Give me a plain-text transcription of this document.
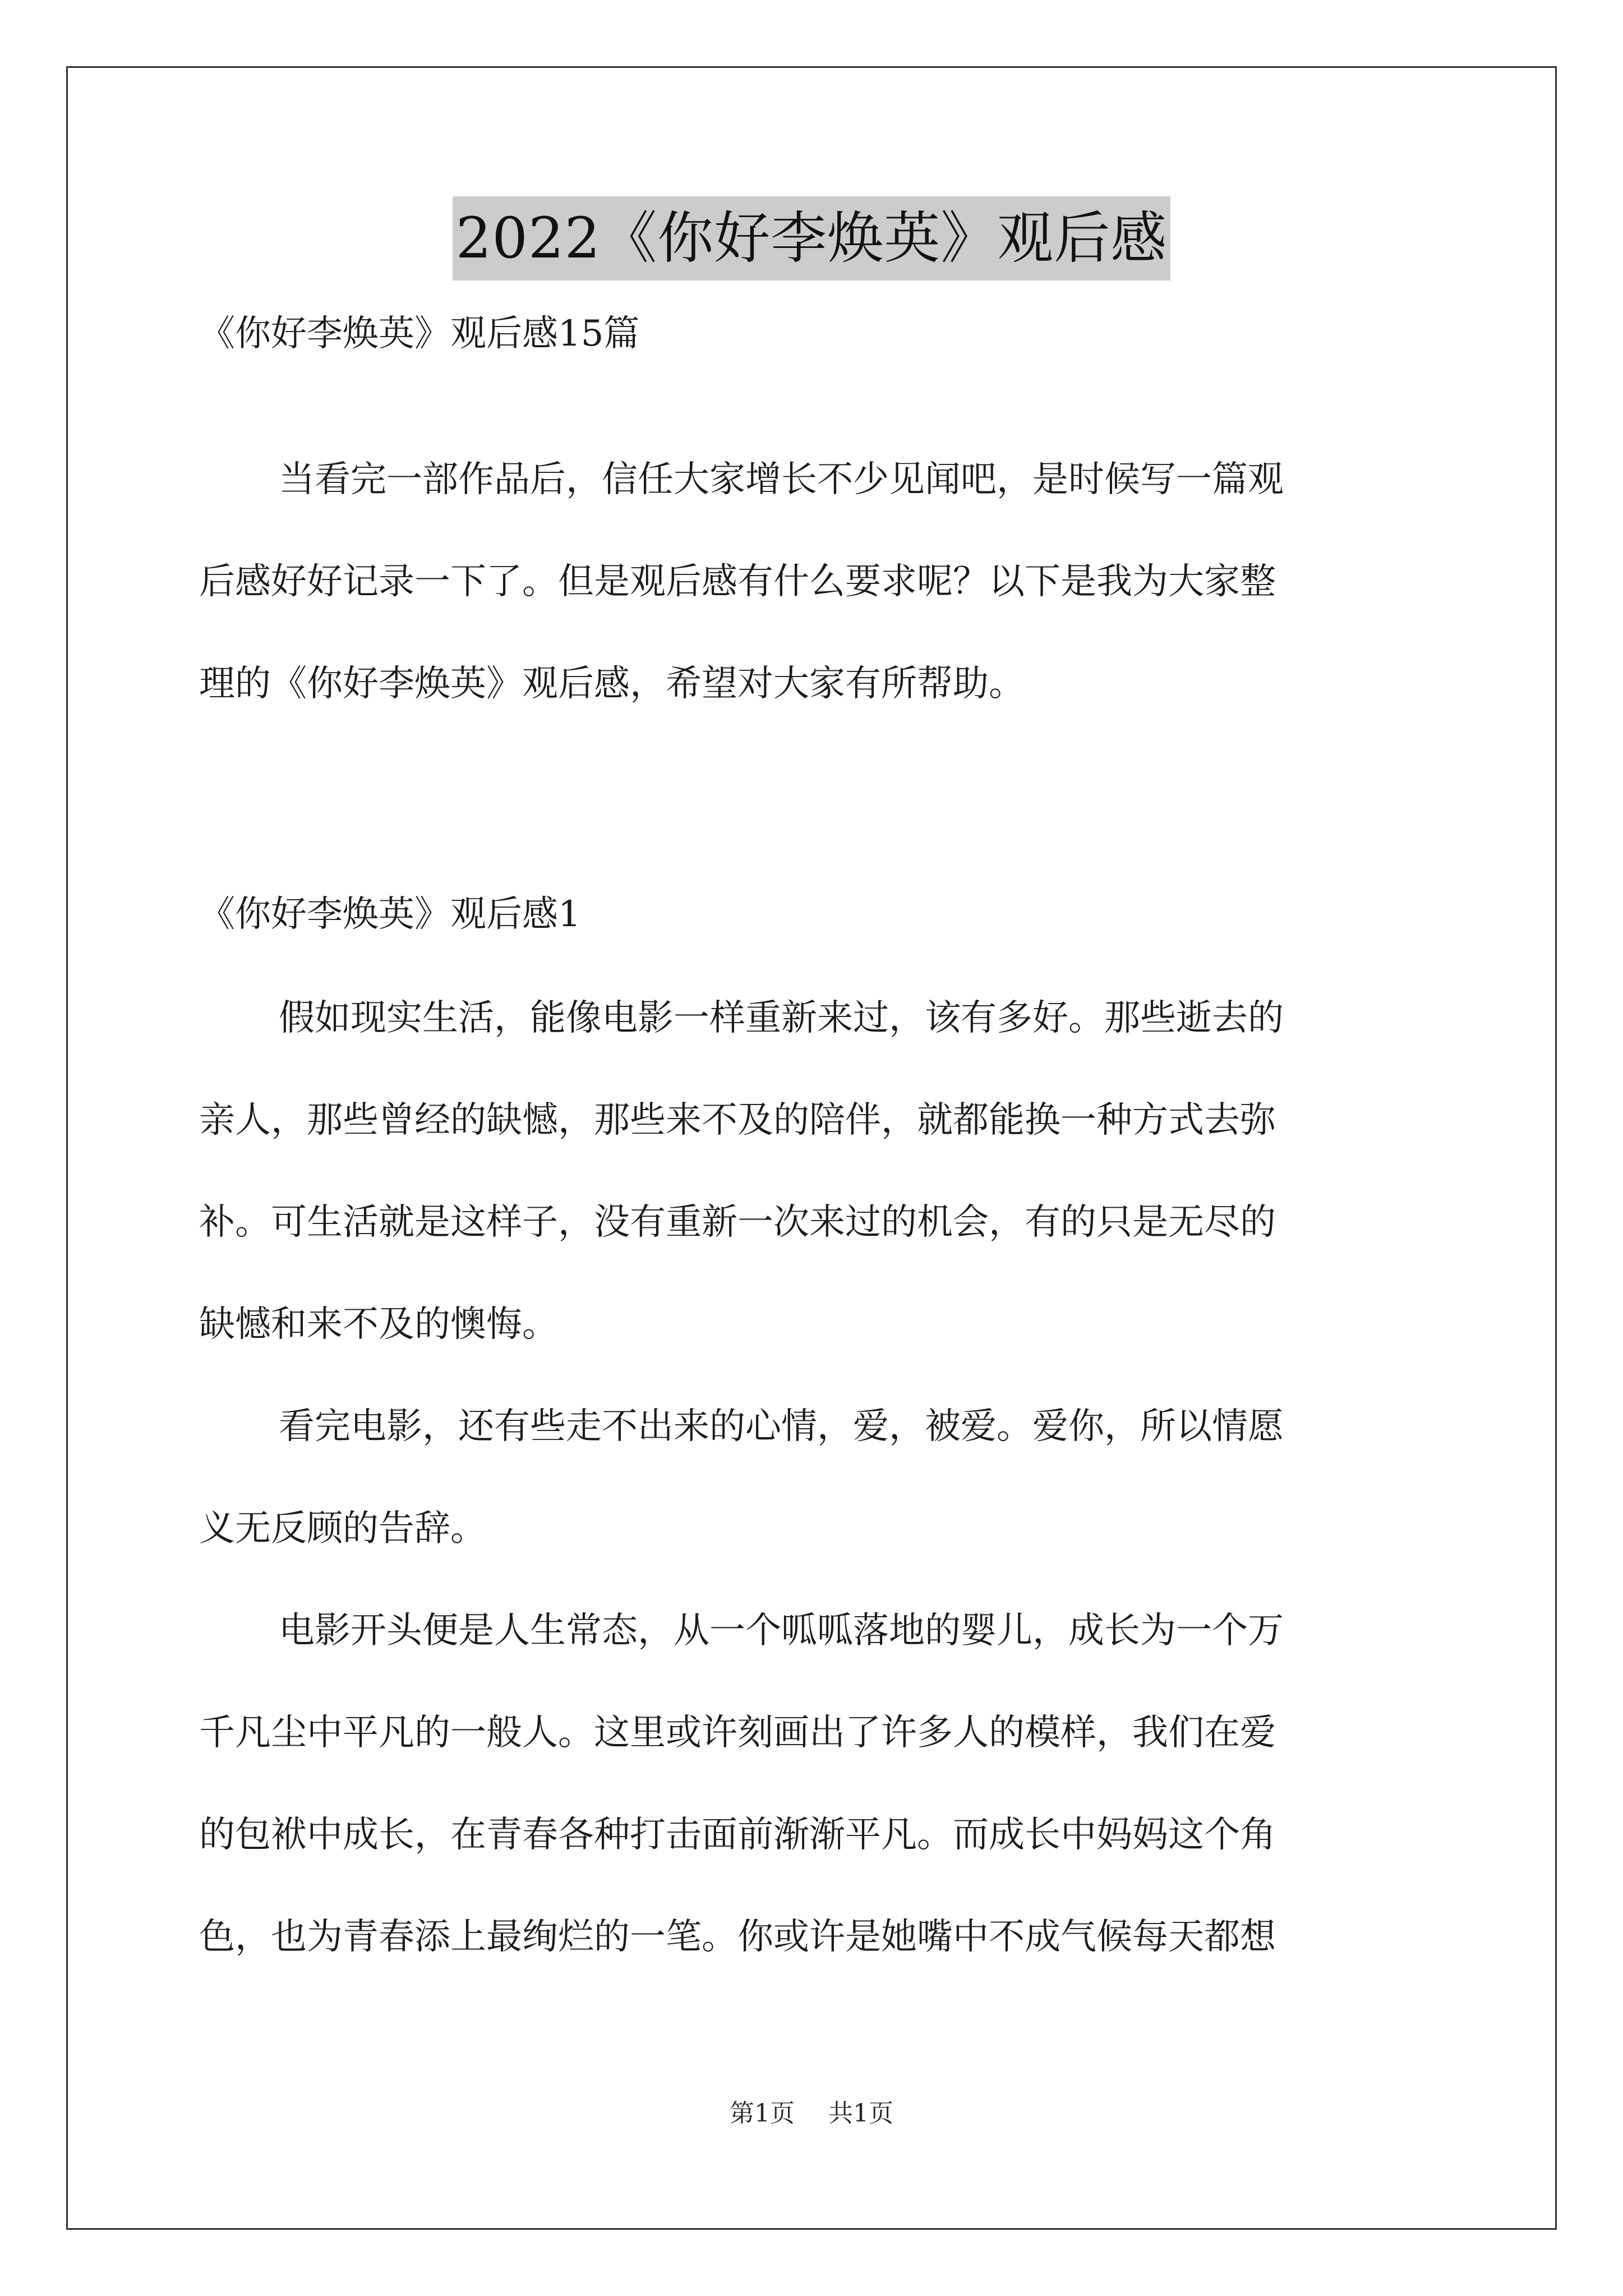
2022《你好李焕英》观后感
《你好李焕英》观后感15篇
当看完一部作品后，信任大家增长不少见闻吧，是时候写一篇观
后感好好记录一下了。但是观后感有什么要求呢？以下是我为大家整
理的《你好李焕英》观后感，希望对大家有所帮助。
《你好李焕英》观后感1
假如现实生活，能像电影一样重新来过，该有多好。那些逝去的
亲人，那些曾经的缺憾，那些来不及的陪伴，就都能换一种方式去弥
补。可生活就是这样子，没有重新一次来过的机会，有的只是无尽的
缺憾和来不及的懊悔。
看完电影，还有些走不出来的心情，爱，被爱。爱你，所以情愿
义无反顾的告辞。
电影开头便是人生常态，从一个呱呱落地的婴儿，成长为一个万
千凡尘中平凡的一般人。这里或许刻画出了许多人的模样，我们在爱
的包袱中成长，在青春各种打击面前渐渐平凡。而成长中妈妈这个角
色，也为青春添上最绚烂的一笔。你或许是她嘴中不成气候每天都想
第1页 共1页
